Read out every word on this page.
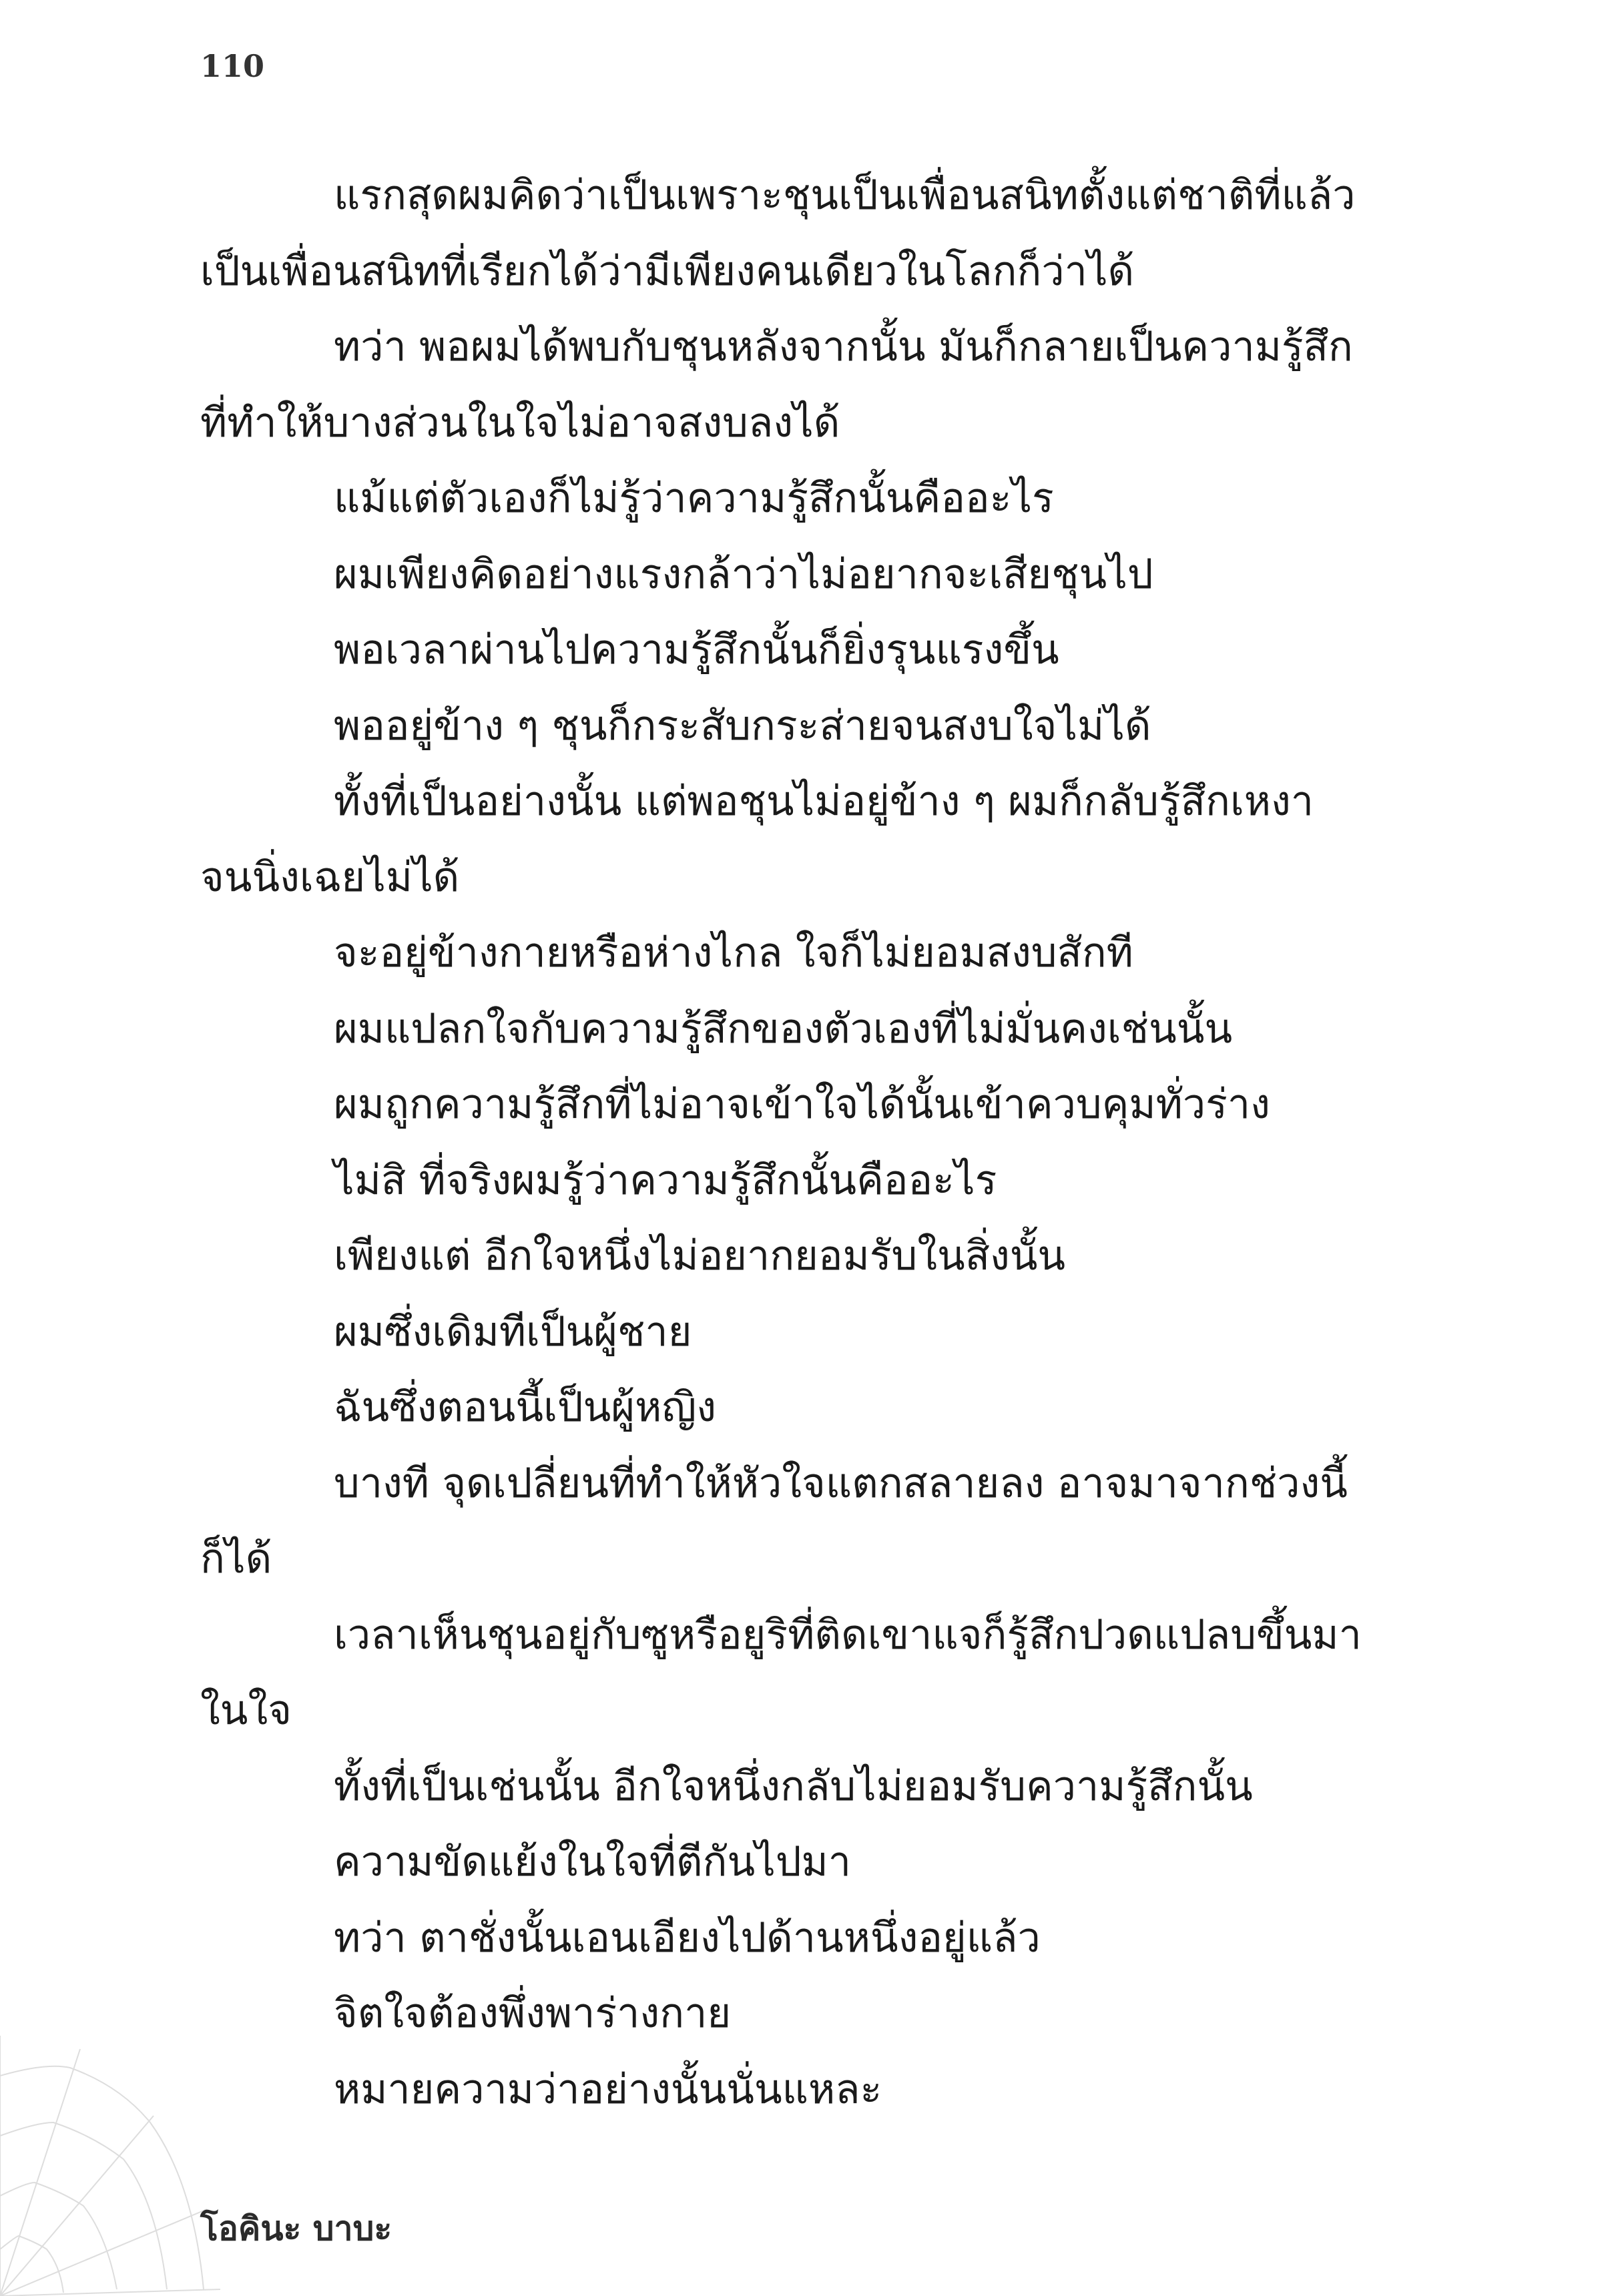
110
แรกสุดผมคิดว่าเป็นเพราะชุนเป็นเพื่อนสนิทตั้งแต่ชาติที่แล้ว
เป็นเพื่อนสนิทที่เรียกได้ว่ามีเพียงคนเดียวในโลกก็ว่าได้
ทว่า พอผมได้พบกับชุนหลังจากนั้น มันก็กลายเป็นความรู้สึก
ที่ทำให้บางส่วนในใจไม่อาจสงบลงได้
แม้แต่ตัวเองก็ไม่รู้ว่าความรู้สึกนั้นคืออะไร
ผมเพียงคิดอย่างแรงกล้าว่าไม่อยากจะเสียชุนไป
พอเวลาผ่านไปความรู้สึกนั้นก็ยิ่งรุนแรงขึ้น
พออยู่ข้าง ๆ ชุนก็กระสับกระส่ายจนสงบใจไม่ได้
ทั้งที่เป็นอย่างนั้น แต่พอชุนไม่อยู่ข้าง ๆ ผมก็กลับรู้สึกเหงา
จนนิ่งเฉยไม่ได้
จะอยู่ข้างกายหรือห่างไกล ใจก็ไม่ยอมสงบสักที
ผมแปลกใจกับความรู้สึกของตัวเองที่ไม่มั่นคงเช่นนั้น
ผมถูกความรู้สึกที่ไม่อาจเข้าใจได้นั้นเข้าควบคุมทั่วร่าง
ไม่สิ ที่จริงผมรู้ว่าความรู้สึกนั้นคืออะไร
เพียงแต่ อีกใจหนึ่งไม่อยากยอมรับในสิ่งนั้น
ผมซึ่งเดิมทีเป็นผู้ชาย
ฉันซึ่งตอนนี้เป็นผู้หญิง
บางที จุดเปลี่ยนที่ทำให้หัวใจแตกสลายลง อาจมาจากช่วงนี้
ก็ได้
เวลาเห็นชุนอยู่กับซูหรือยูริที่ติดเขาแจก็รู้สึกปวดแปลบขึ้นมา
ในใจ
ทั้งที่เป็นเช่นนั้น อีกใจหนึ่งกลับไม่ยอมรับความรู้สึกนั้น
ความขัดแย้งในใจที่ตีกันไปมา
ทว่า ตาชั่งนั้นเอนเอียงไปด้านหนึ่งอยู่แล้ว
จิตใจต้องพึ่งพาร่างกาย
หมายความว่าอย่างนั้นนั่นแหละ
โอคินะ บาบะ
